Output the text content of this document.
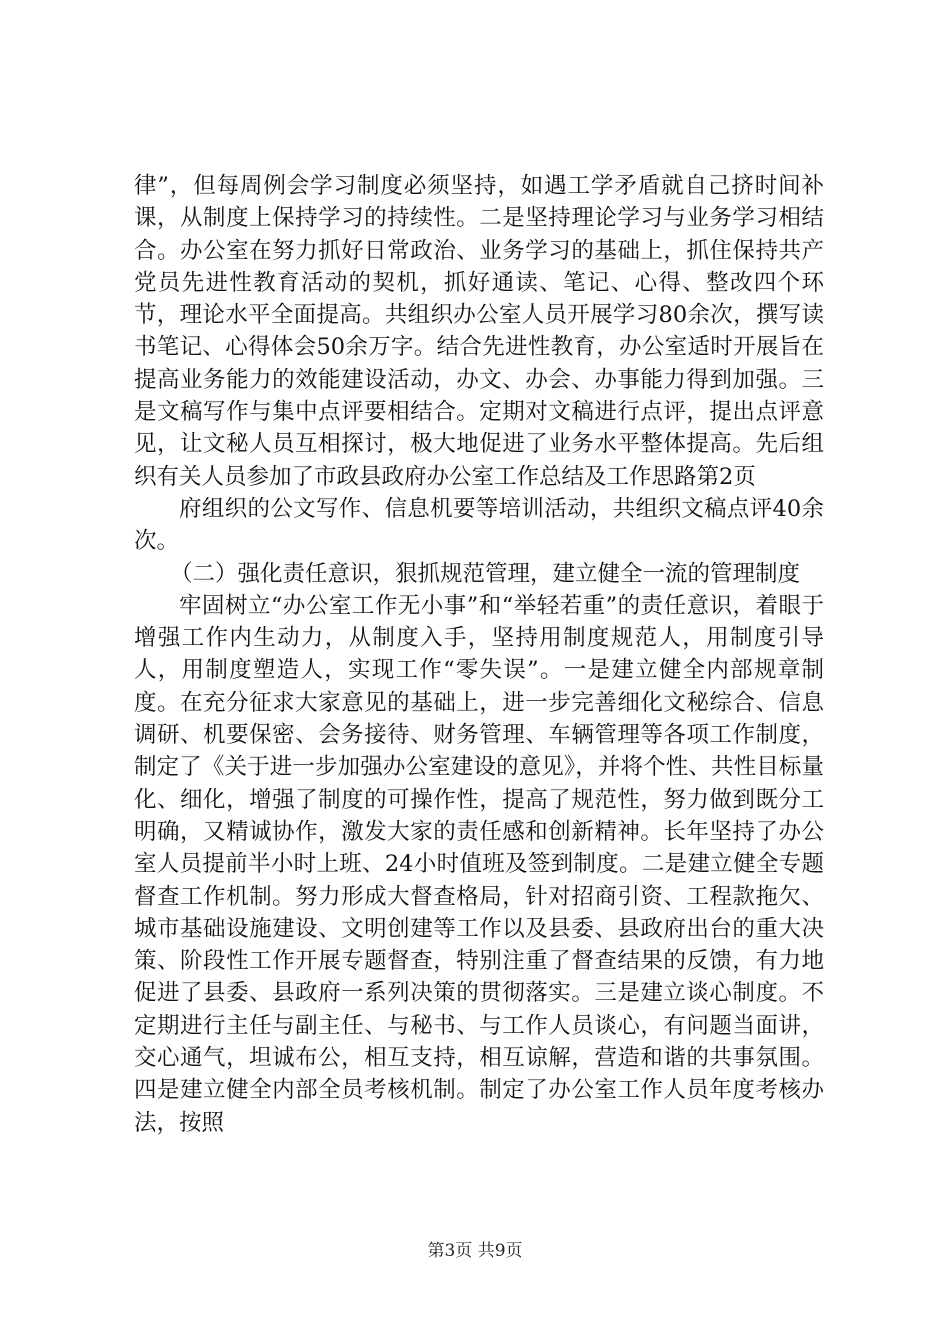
律”，但每周例会学习制度必须坚持，如遇工学矛盾就自己挤时间补课，从制度上保持学习的持续性。二是坚持理论学习与业务学习相结合。办公室在努力抓好日常政治、业务学习的基础上，抓住保持共产党员先进性教育活动的契机，抓好通读、笔记、心得、整改四个环节，理论水平全面提高。共组织办公室人员开展学习80余次，撰写读书笔记、心得体会50余万字。结合先进性教育，办公室适时开展旨在提高业务能力的效能建设活动，办文、办会、办事能力得到加强。三是文稿写作与集中点评要相结合。定期对文稿进行点评，提出点评意见，让文秘人员互相探讨，极大地促进了业务水平整体提高。先后组织有关人员参加了市政县政府办公室工作总结及工作思路第2页

府组织的公文写作、信息机要等培训活动，共组织文稿点评40余次。

（二）强化责任意识，狠抓规范管理，建立健全一流的管理制度

牢固树立“办公室工作无小事”和“举轻若重”的责任意识，着眼于增强工作内生动力，从制度入手，坚持用制度规范人，用制度引导人，用制度塑造人，实现工作“零失误”。一是建立健全内部规章制度。在充分征求大家意见的基础上，进一步完善细化文秘综合、信息调研、机要保密、会务接待、财务管理、车辆管理等各项工作制度，制定了《关于进一步加强办公室建设的意见》，并将个性、共性目标量化、细化，增强了制度的可操作性，提高了规范性，努力做到既分工明确，又精诚协作，激发大家的责任感和创新精神。长年坚持了办公室人员提前半小时上班、24小时值班及签到制度。二是建立健全专题督查工作机制。努力形成大督查格局，针对招商引资、工程款拖欠、城市基础设施建设、文明创建等工作以及县委、县政府出台的重大决策、阶段性工作开展专题督查，特别注重了督查结果的反馈，有力地促进了县委、县政府一系列决策的贯彻落实。三是建立谈心制度。不定期进行主任与副主任、与秘书、与工作人员谈心，有问题当面讲，交心通气，坦诚布公，相互支持，相互谅解，营造和谐的共事氛围。四是建立健全内部全员考核机制。制定了办公室工作人员年度考核办法，按照

第3页 共9页
